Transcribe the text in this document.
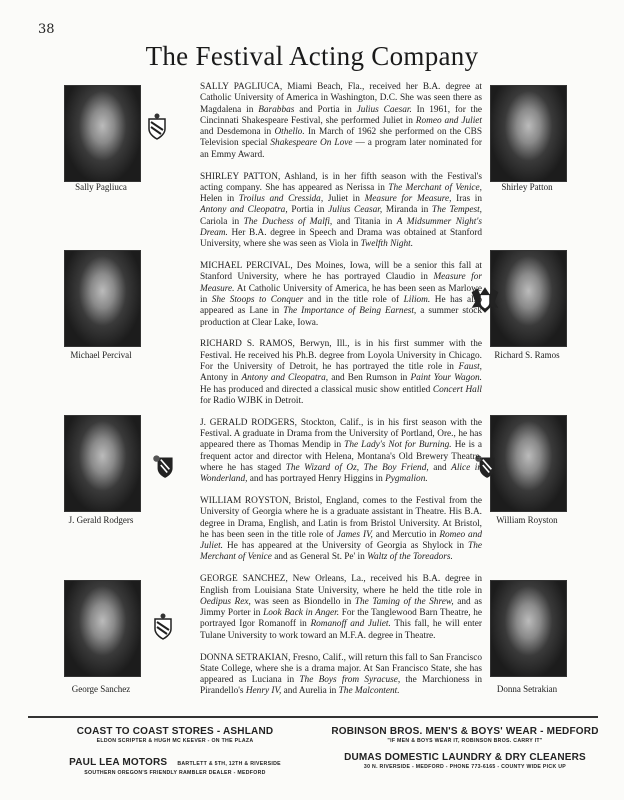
38
The Festival Acting Company
Sally Pagliuca	Shirley Patton
Michael Percival	Richard S. Ramos
J. Gerald Rodgers	William Royston
George Sanchez	Donna Setrakian

SALLY PAGLIUCA, Miami Beach, Fla., received her B.A. degree at Catholic University of America in Washington, D.C. She was seen there as Magdalena in Barabbas and Portia in Julius Caesar. In 1961, for the Cincinnati Shakespeare Festival, she performed Juliet in Romeo and Juliet and Desdemona in Othello. In March of 1962 she performed on the CBS Television special Shakespeare On Love — a program later nominated for an Emmy Award.

SHIRLEY PATTON, Ashland, is in her fifth season with the Festival's acting company. She has appeared as Nerissa in The Merchant of Venice, Helen in Troilus and Cressida, Juliet in Measure for Measure, Iras in Antony and Cleopatra, Portia in Julius Ceasar, Miranda in The Tempest, Cariola in The Duchess of Malfi, and Titania in A Midsummer Night's Dream. Her B.A. degree in Speech and Drama was obtained at Stanford University, where she was seen as Viola in Twelfth Night.

MICHAEL PERCIVAL, Des Moines, Iowa, will be a senior this fall at Stanford University, where he has portrayed Claudio in Measure for Measure. At Catholic University of America, he has been seen as Marlowe in She Stoops to Conquer and in the title role of Liliom. He has also appeared as Lane in The Importance of Being Earnest, a summer stock production at Clear Lake, Iowa.

RICHARD S. RAMOS, Berwyn, Ill., is in his first summer with the Festival. He received his Ph.B. degree from Loyola University in Chicago. For the University of Detroit, he has portrayed the title role in Faust, Antony in Antony and Cleopatra, and Ben Rumson in Paint Your Wagon. He has produced and directed a classical music show entitled Concert Hall for Radio WJBK in Detroit.

J. GERALD RODGERS, Stockton, Calif., is in his first season with the Festival. A graduate in Drama from the University of Portland, Ore., he has appeared there as Thomas Mendip in The Lady's Not for Burning. He is a frequent actor and director with Helena, Montana's Old Brewery Theatre, where he has staged The Wizard of Oz, The Boy Friend, and Alice in Wonderland, and has portrayed Henry Higgins in Pygmalion.

WILLIAM ROYSTON, Bristol, England, comes to the Festival from the University of Georgia where he is a graduate assistant in Theatre. His B.A. degree in Drama, English, and Latin is from Bristol University. At Bristol, he has been seen in the title role of James IV, and Mercutio in Romeo and Juliet. He has appeared at the University of Georgia as Shylock in The Merchant of Venice and as General St. Pe' in Waltz of the Toreadors.

GEORGE SANCHEZ, New Orleans, La., received his B.A. degree in English from Louisiana State University, where he held the title role in Oedipus Rex, was seen as Biondello in The Taming of the Shrew, and as Jimmy Porter in Look Back in Anger. For the Tanglewood Barn Theatre, he portrayed Igor Romanoff in Romanoff and Juliet. This fall, he will enter Tulane University to work toward an M.F.A. degree in Theatre.

DONNA SETRAKIAN, Fresno, Calif., will return this fall to San Francisco State College, where she is a drama major. At San Francisco State, she has appeared as Luciana in The Boys from Syracuse, the Marchioness in Pirandello's Henry IV, and Aurelia in The Malcontent.

COAST TO COAST STORES - ASHLAND
ELDON SCRIPTER & HUGH MC KEEVER - ON THE PLAZA
ROBINSON BROS. MEN'S & BOYS' WEAR - MEDFORD
"IF MEN & BOYS WEAR IT, ROBINSON BROS. CARRY IT"
PAUL LEA MOTORS BARTLETT & 5TH, 12TH & RIVERSIDE
SOUTHERN OREGON'S FRIENDLY RAMBLER DEALER - MEDFORD
DUMAS DOMESTIC LAUNDRY & DRY CLEANERS
30 N. RIVERSIDE - MEDFORD - PHONE 773-6165 - COUNTY WIDE PICK UP
